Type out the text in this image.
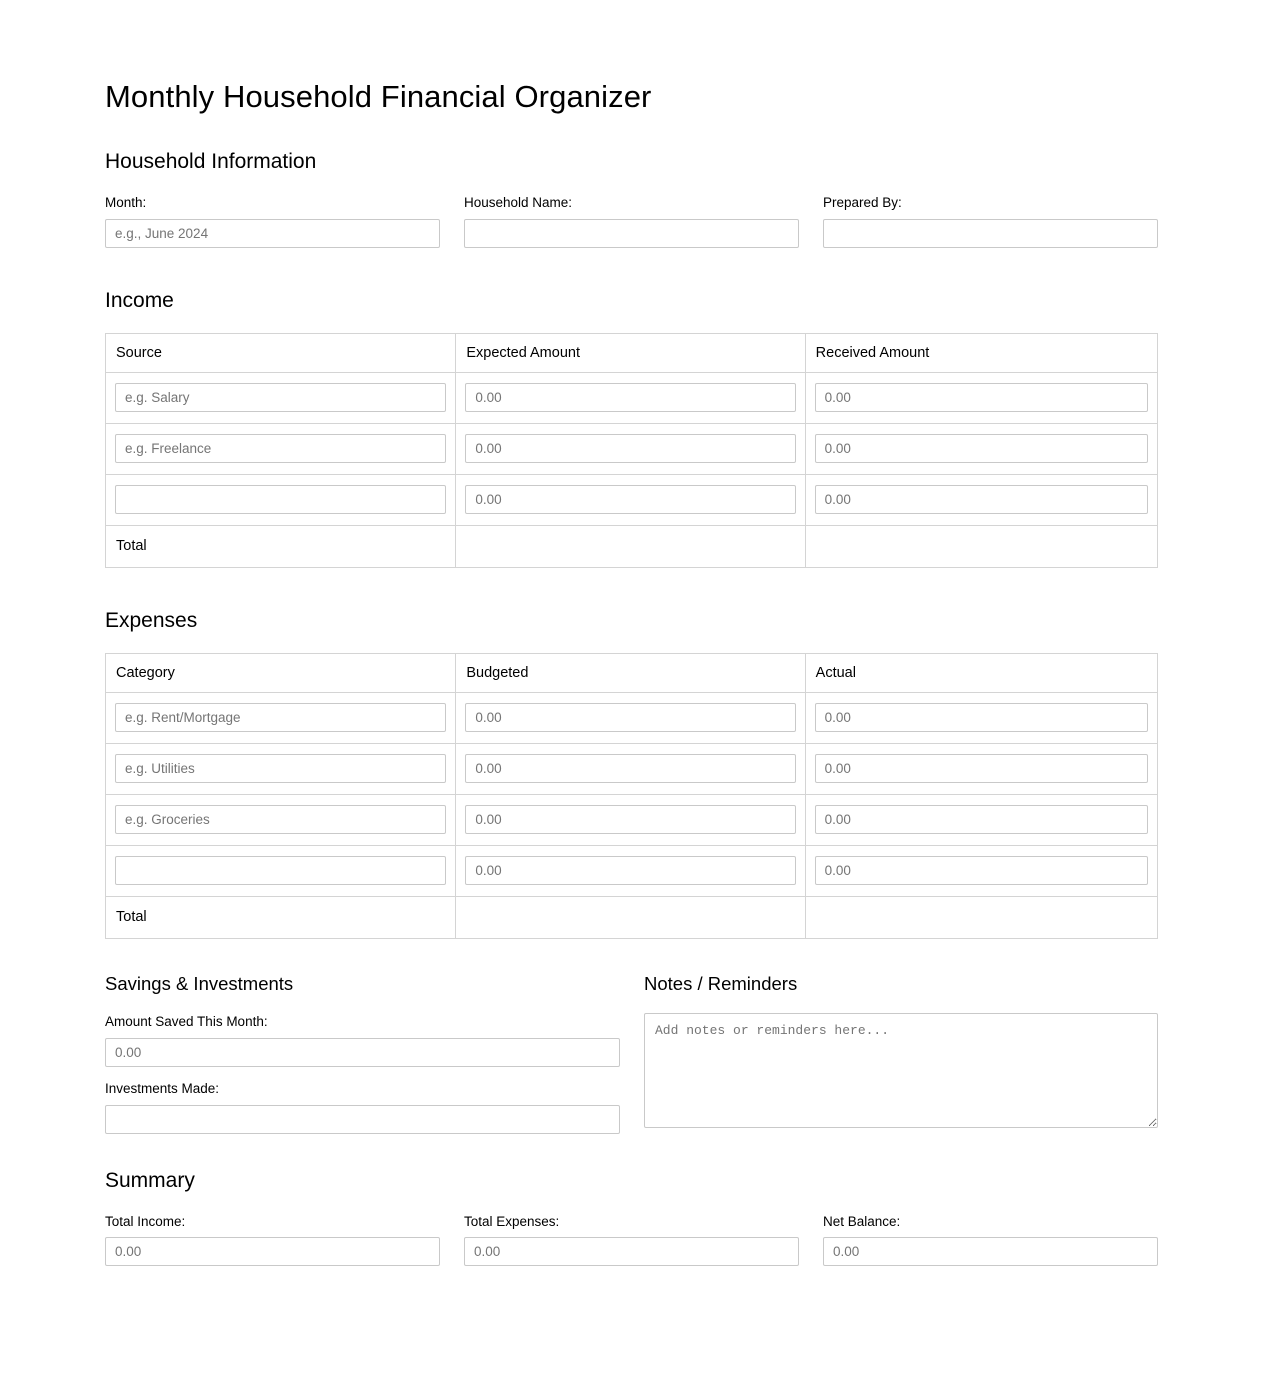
Monthly Household Financial Organizer
Household Information
Month:
e.g., June 2024	Household Name:	Prepared By:
Income
Source	Expected Amount	Received Amount
e.g. Salary	0.00	0.00
e.g. Freelance	0.00	0.00
	0.00	0.00
Total		
Expenses
Category	Budgeted	Actual
e.g. Rent/Mortgage	0.00	0.00
e.g. Utilities	0.00	0.00
e.g. Groceries	0.00	0.00
	0.00	0.00
Total		
Savings & Investments
Amount Saved This Month:
0.00
Investments Made:
Notes / Reminders
Add notes or reminders here...
Summary
Total Income:
0.00	Total Expenses:
0.00	Net Balance:
0.00
